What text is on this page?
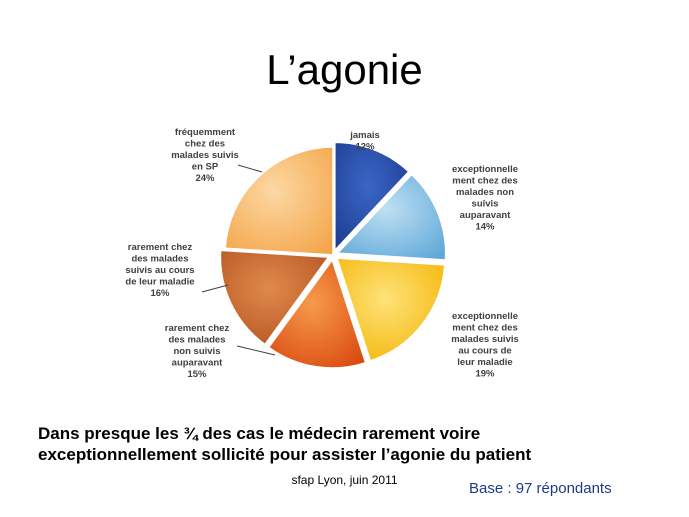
L’agonie
jamais 12%
exceptionnelle ment chez des malades non suivis auparavant 14%
exceptionnelle ment chez des malades suivis au cours de leur maladie 19%
rarement chez des malades non suivis auparavant 15%
rarement chez des malades suivis au cours de leur maladie 16%
fréquemment chez des malades suivis en SP 24%
Dans presque les ¾ des cas le médecin rarement voire
exceptionnellement sollicité pour assister l’agonie du patient
sfap Lyon, juin 2011	Base : 97 répondants
